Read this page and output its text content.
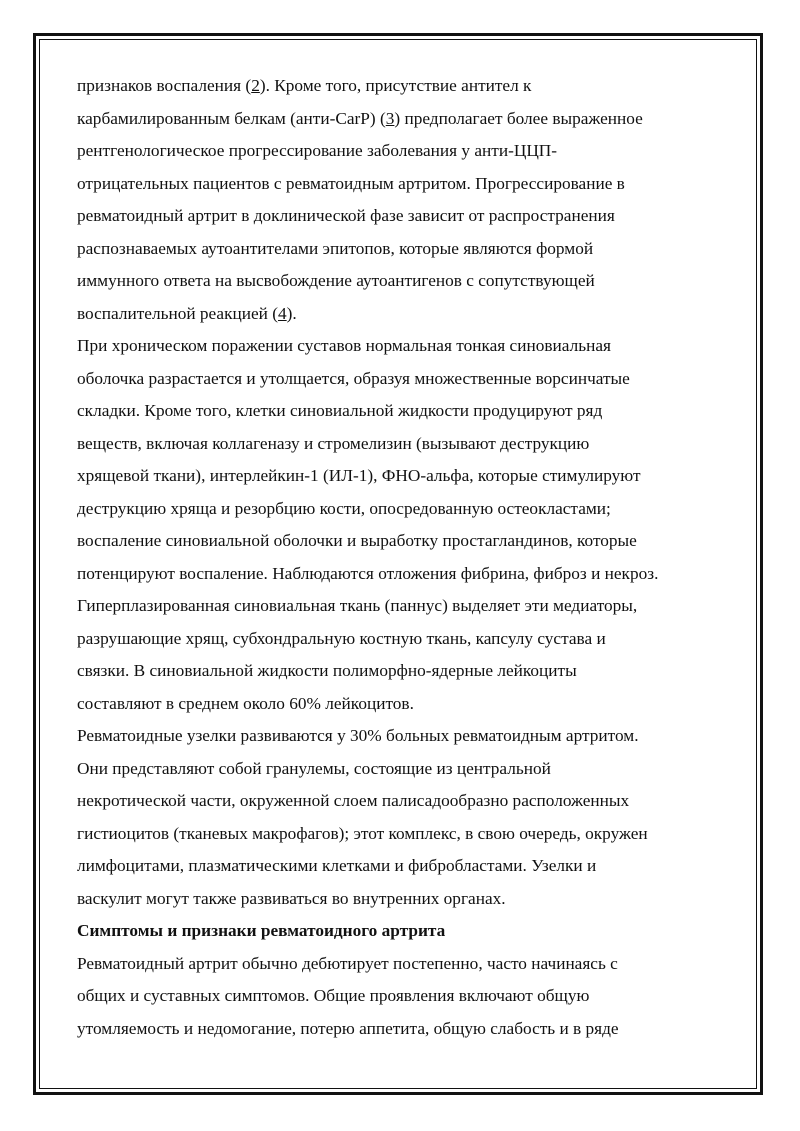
признаков воспаления (2). Кроме того, присутствие антител к
карбамилированным белкам (анти-CarP) (3) предполагает более выраженное
рентгенологическое прогрессирование заболевания у анти-ЦЦП-
отрицательных пациентов с ревматоидным артритом. Прогрессирование в
ревматоидный артрит в доклинической фазе зависит от распространения
распознаваемых аутоантителами эпитопов, которые являются формой
иммунного ответа на высвобождение аутоантигенов с сопутствующей
воспалительной реакцией (4).
При хроническом поражении суставов нормальная тонкая синовиальная
оболочка разрастается и утолщается, образуя множественные ворсинчатые
складки. Кроме того, клетки синовиальной жидкости продуцируют ряд
веществ, включая коллагеназу и стромелизин (вызывают деструкцию
хрящевой ткани), интерлейкин-1 (ИЛ-1), ФНО-альфа, которые стимулируют
деструкцию хряща и резорбцию кости, опосредованную остеокластами;
воспаление синовиальной оболочки и выработку простагландинов, которые
потенцируют воспаление. Наблюдаются отложения фибрина, фиброз и некроз.
Гиперплазированная синовиальная ткань (паннус) выделяет эти медиаторы,
разрушающие хрящ, субхондральную костную ткань, капсулу сустава и
связки. В синовиальной жидкости полиморфно-ядерные лейкоциты
составляют в среднем около 60% лейкоцитов.
Ревматоидные узелки развиваются у 30% больных ревматоидным артритом.
Они представляют собой гранулемы, состоящие из центральной
некротической части, окруженной слоем палисадообразно расположенных
гистиоцитов (тканевых макрофагов); этот комплекс, в свою очередь, окружен
лимфоцитами, плазматическими клетками и фибробластами. Узелки и
васкулит могут также развиваться во внутренних органах.
Симптомы и признаки ревматоидного артрита
Ревматоидный артрит обычно дебютирует постепенно, часто начинаясь с
общих и суставных симптомов. Общие проявления включают общую
утомляемость и недомогание, потерю аппетита, общую слабость и в ряде
